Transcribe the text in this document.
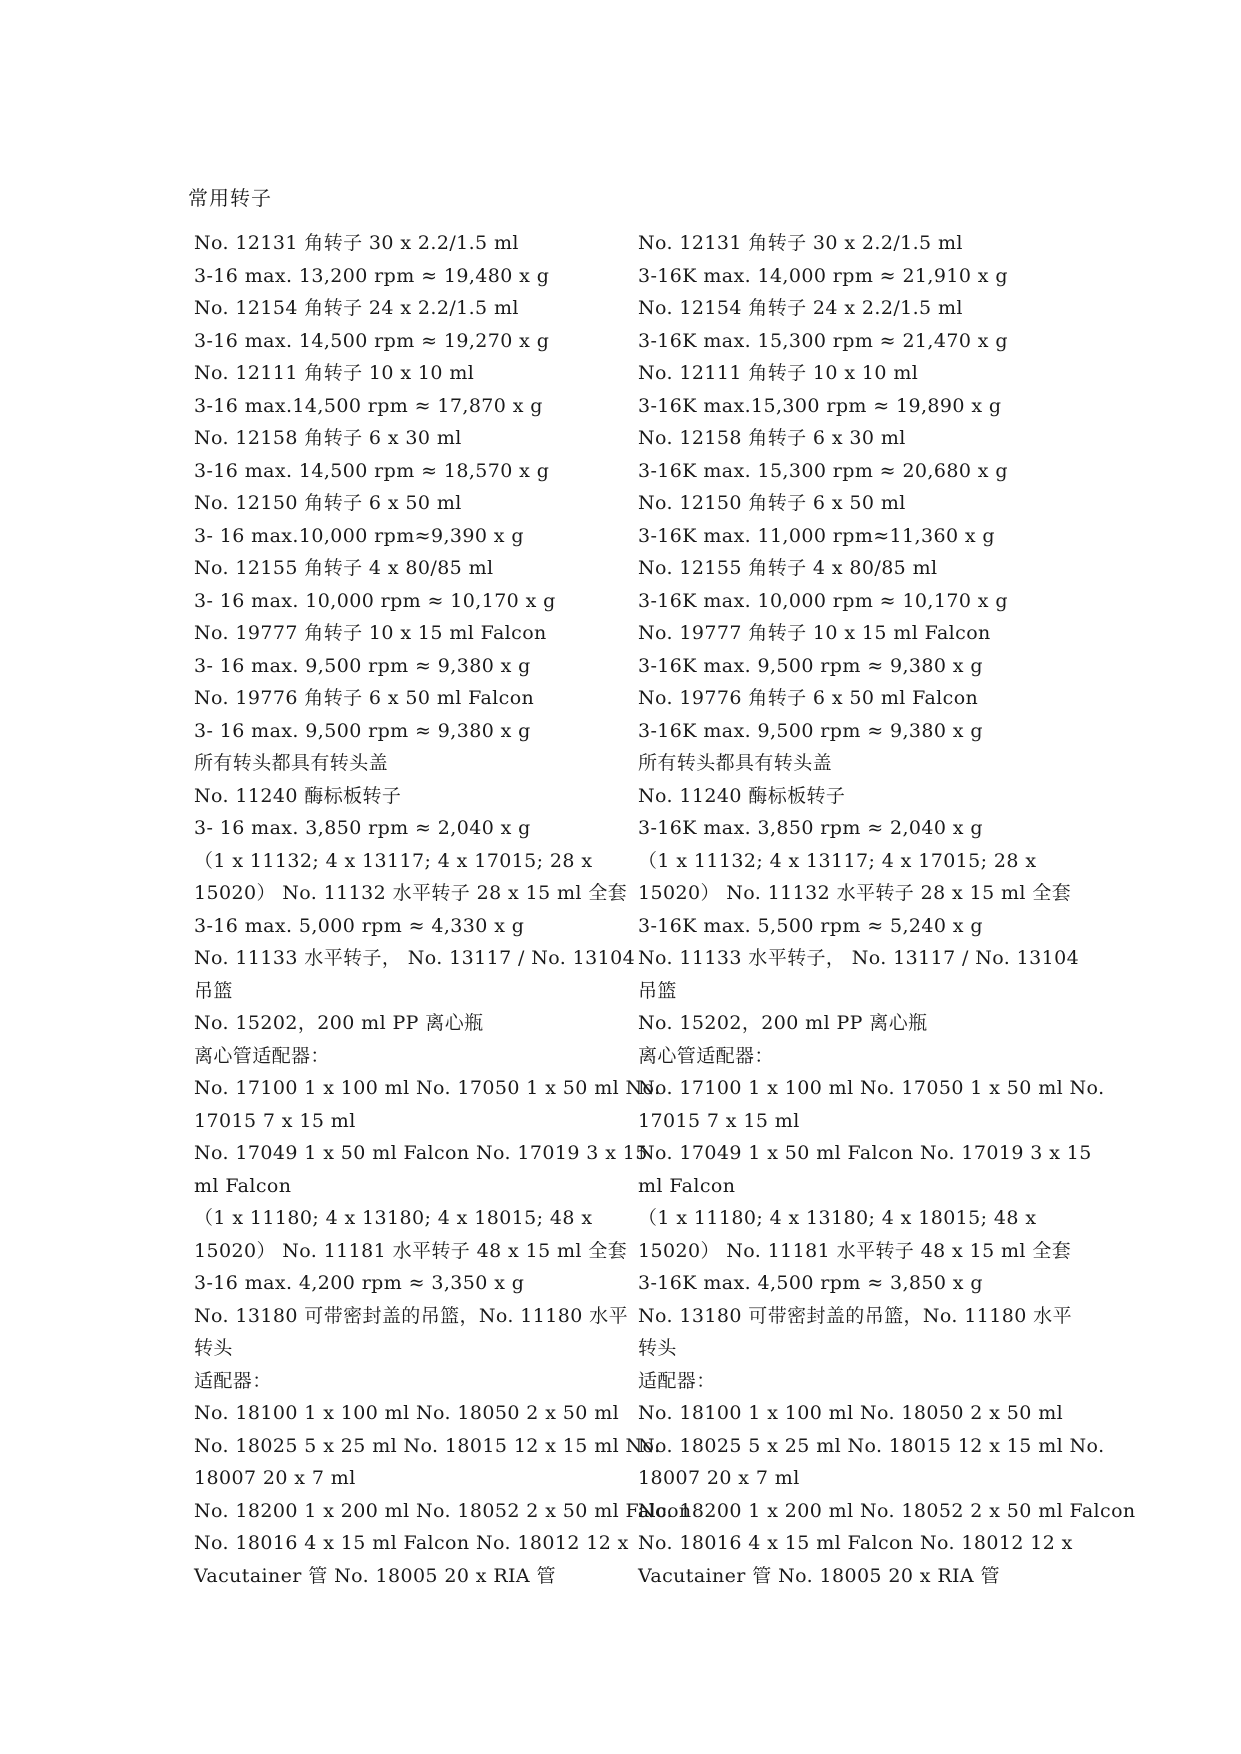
常用转子
No. 12131 角转子 30 x 2.2/1.5 ml
3-16 max. 13,200 rpm ≈ 19,480 x g
No. 12154 角转子 24 x 2.2/1.5 ml
3-16 max. 14,500 rpm ≈ 19,270 x g
No. 12111 角转子 10 x 10 ml
3-16 max.14,500 rpm ≈ 17,870 x g
No. 12158 角转子 6 x 30 ml
3-16 max. 14,500 rpm ≈ 18,570 x g
No. 12150 角转子 6 x 50 ml
3- 16 max.10,000 rpm≈9,390 x g
No. 12155 角转子 4 x 80/85 ml
3- 16 max. 10,000 rpm ≈ 10,170 x g
No. 19777 角转子 10 x 15 ml Falcon
3- 16 max. 9,500 rpm ≈ 9,380 x g
No. 19776 角转子 6 x 50 ml Falcon
3- 16 max. 9,500 rpm ≈ 9,380 x g
所有转头都具有转头盖
No. 11240 酶标板转子
3- 16 max. 3,850 rpm ≈ 2,040 x g
（1 x 11132; 4 x 13117; 4 x 17015; 28 x
15020） No. 11132 水平转子 28 x 15 ml 全套
3-16 max. 5,000 rpm ≈ 4,330 x g
No. 11133 水平转子， No. 13117 / No. 13104
吊篮
No. 15202，200 ml PP 离心瓶
离心管适配器：
No. 17100 1 x 100 ml No. 17050 1 x 50 ml No.
17015 7 x 15 ml
No. 17049 1 x 50 ml Falcon No. 17019 3 x 15
ml Falcon
（1 x 11180; 4 x 13180; 4 x 18015; 48 x
15020） No. 11181 水平转子 48 x 15 ml 全套
3-16 max. 4,200 rpm ≈ 3,350 x g
No. 13180 可带密封盖的吊篮，No. 11180 水平
转头
适配器：
No. 18100 1 x 100 ml No. 18050 2 x 50 ml
No. 18025 5 x 25 ml No. 18015 12 x 15 ml No.
18007 20 x 7 ml
No. 18200 1 x 200 ml No. 18052 2 x 50 ml Falcon
No. 18016 4 x 15 ml Falcon No. 18012 12 x
Vacutainer 管 No. 18005 20 x RIA 管
No. 12131 角转子 30 x 2.2/1.5 ml
3-16K max. 14,000 rpm ≈ 21,910 x g
No. 12154 角转子 24 x 2.2/1.5 ml
3-16K max. 15,300 rpm ≈ 21,470 x g
No. 12111 角转子 10 x 10 ml
3-16K max.15,300 rpm ≈ 19,890 x g
No. 12158 角转子 6 x 30 ml
3-16K max. 15,300 rpm ≈ 20,680 x g
No. 12150 角转子 6 x 50 ml
3-16K max. 11,000 rpm≈11,360 x g
No. 12155 角转子 4 x 80/85 ml
3-16K max. 10,000 rpm ≈ 10,170 x g
No. 19777 角转子 10 x 15 ml Falcon
3-16K max. 9,500 rpm ≈ 9,380 x g
No. 19776 角转子 6 x 50 ml Falcon
3-16K max. 9,500 rpm ≈ 9,380 x g
所有转头都具有转头盖
No. 11240 酶标板转子
3-16K max. 3,850 rpm ≈ 2,040 x g
（1 x 11132; 4 x 13117; 4 x 17015; 28 x
15020） No. 11132 水平转子 28 x 15 ml 全套
3-16K max. 5,500 rpm ≈ 5,240 x g
No. 11133 水平转子， No. 13117 / No. 13104
吊篮
No. 15202，200 ml PP 离心瓶
离心管适配器：
No. 17100 1 x 100 ml No. 17050 1 x 50 ml No.
17015 7 x 15 ml
No. 17049 1 x 50 ml Falcon No. 17019 3 x 15
ml Falcon
（1 x 11180; 4 x 13180; 4 x 18015; 48 x
15020） No. 11181 水平转子 48 x 15 ml 全套
3-16K max. 4,500 rpm ≈ 3,850 x g
No. 13180 可带密封盖的吊篮，No. 11180 水平
转头
适配器：
No. 18100 1 x 100 ml No. 18050 2 x 50 ml
No. 18025 5 x 25 ml No. 18015 12 x 15 ml No.
18007 20 x 7 ml
No. 18200 1 x 200 ml No. 18052 2 x 50 ml Falcon
No. 18016 4 x 15 ml Falcon No. 18012 12 x
Vacutainer 管 No. 18005 20 x RIA 管
